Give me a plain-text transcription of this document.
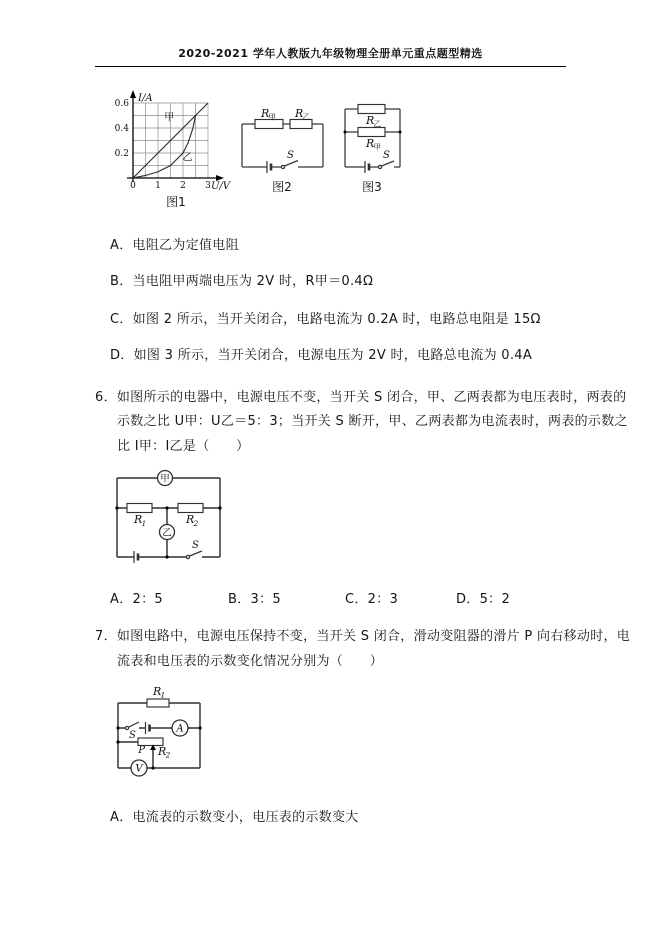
2020-2021 学年人教版九年级物理全册单元重点题型精选
0.2
0.4
0.6
0 1 2 3 U/V
I/A
甲
乙
图1
R 甲 R 乙
S
图2
R 乙
R 甲
S
图3
A．电阻乙为定值电阻
B．当电阻甲两端电压为 2V 时，R甲＝0.4Ω
C．如图 2 所示，当开关闭合，电路电流为 0.2A 时，电路总电阻是 15Ω
D．如图 3 所示，当开关闭合，电源电压为 2V 时，电路总电流为 0.4A
6．如图所示的电器中，电源电压不变，当开关 S 闭合，甲、乙两表都为电压表时，两表的
示数之比 U甲：U乙＝5：3；当开关 S 断开，甲、乙两表都为电流表时，两表的示数之
比 I甲：I乙是（　　）
甲
乙
R 1	R 2
S
A．2：5	B．3：5	C．2：3	D．5：2
7．如图电路中，电源电压保持不变，当开关 S 闭合，滑动变阻器的滑片 P 向右移动时，电
流表和电压表的示数变化情况分别为（　　）
R 1
S
A
P R 2
V
A．电流表的示数变小，电压表的示数变大
